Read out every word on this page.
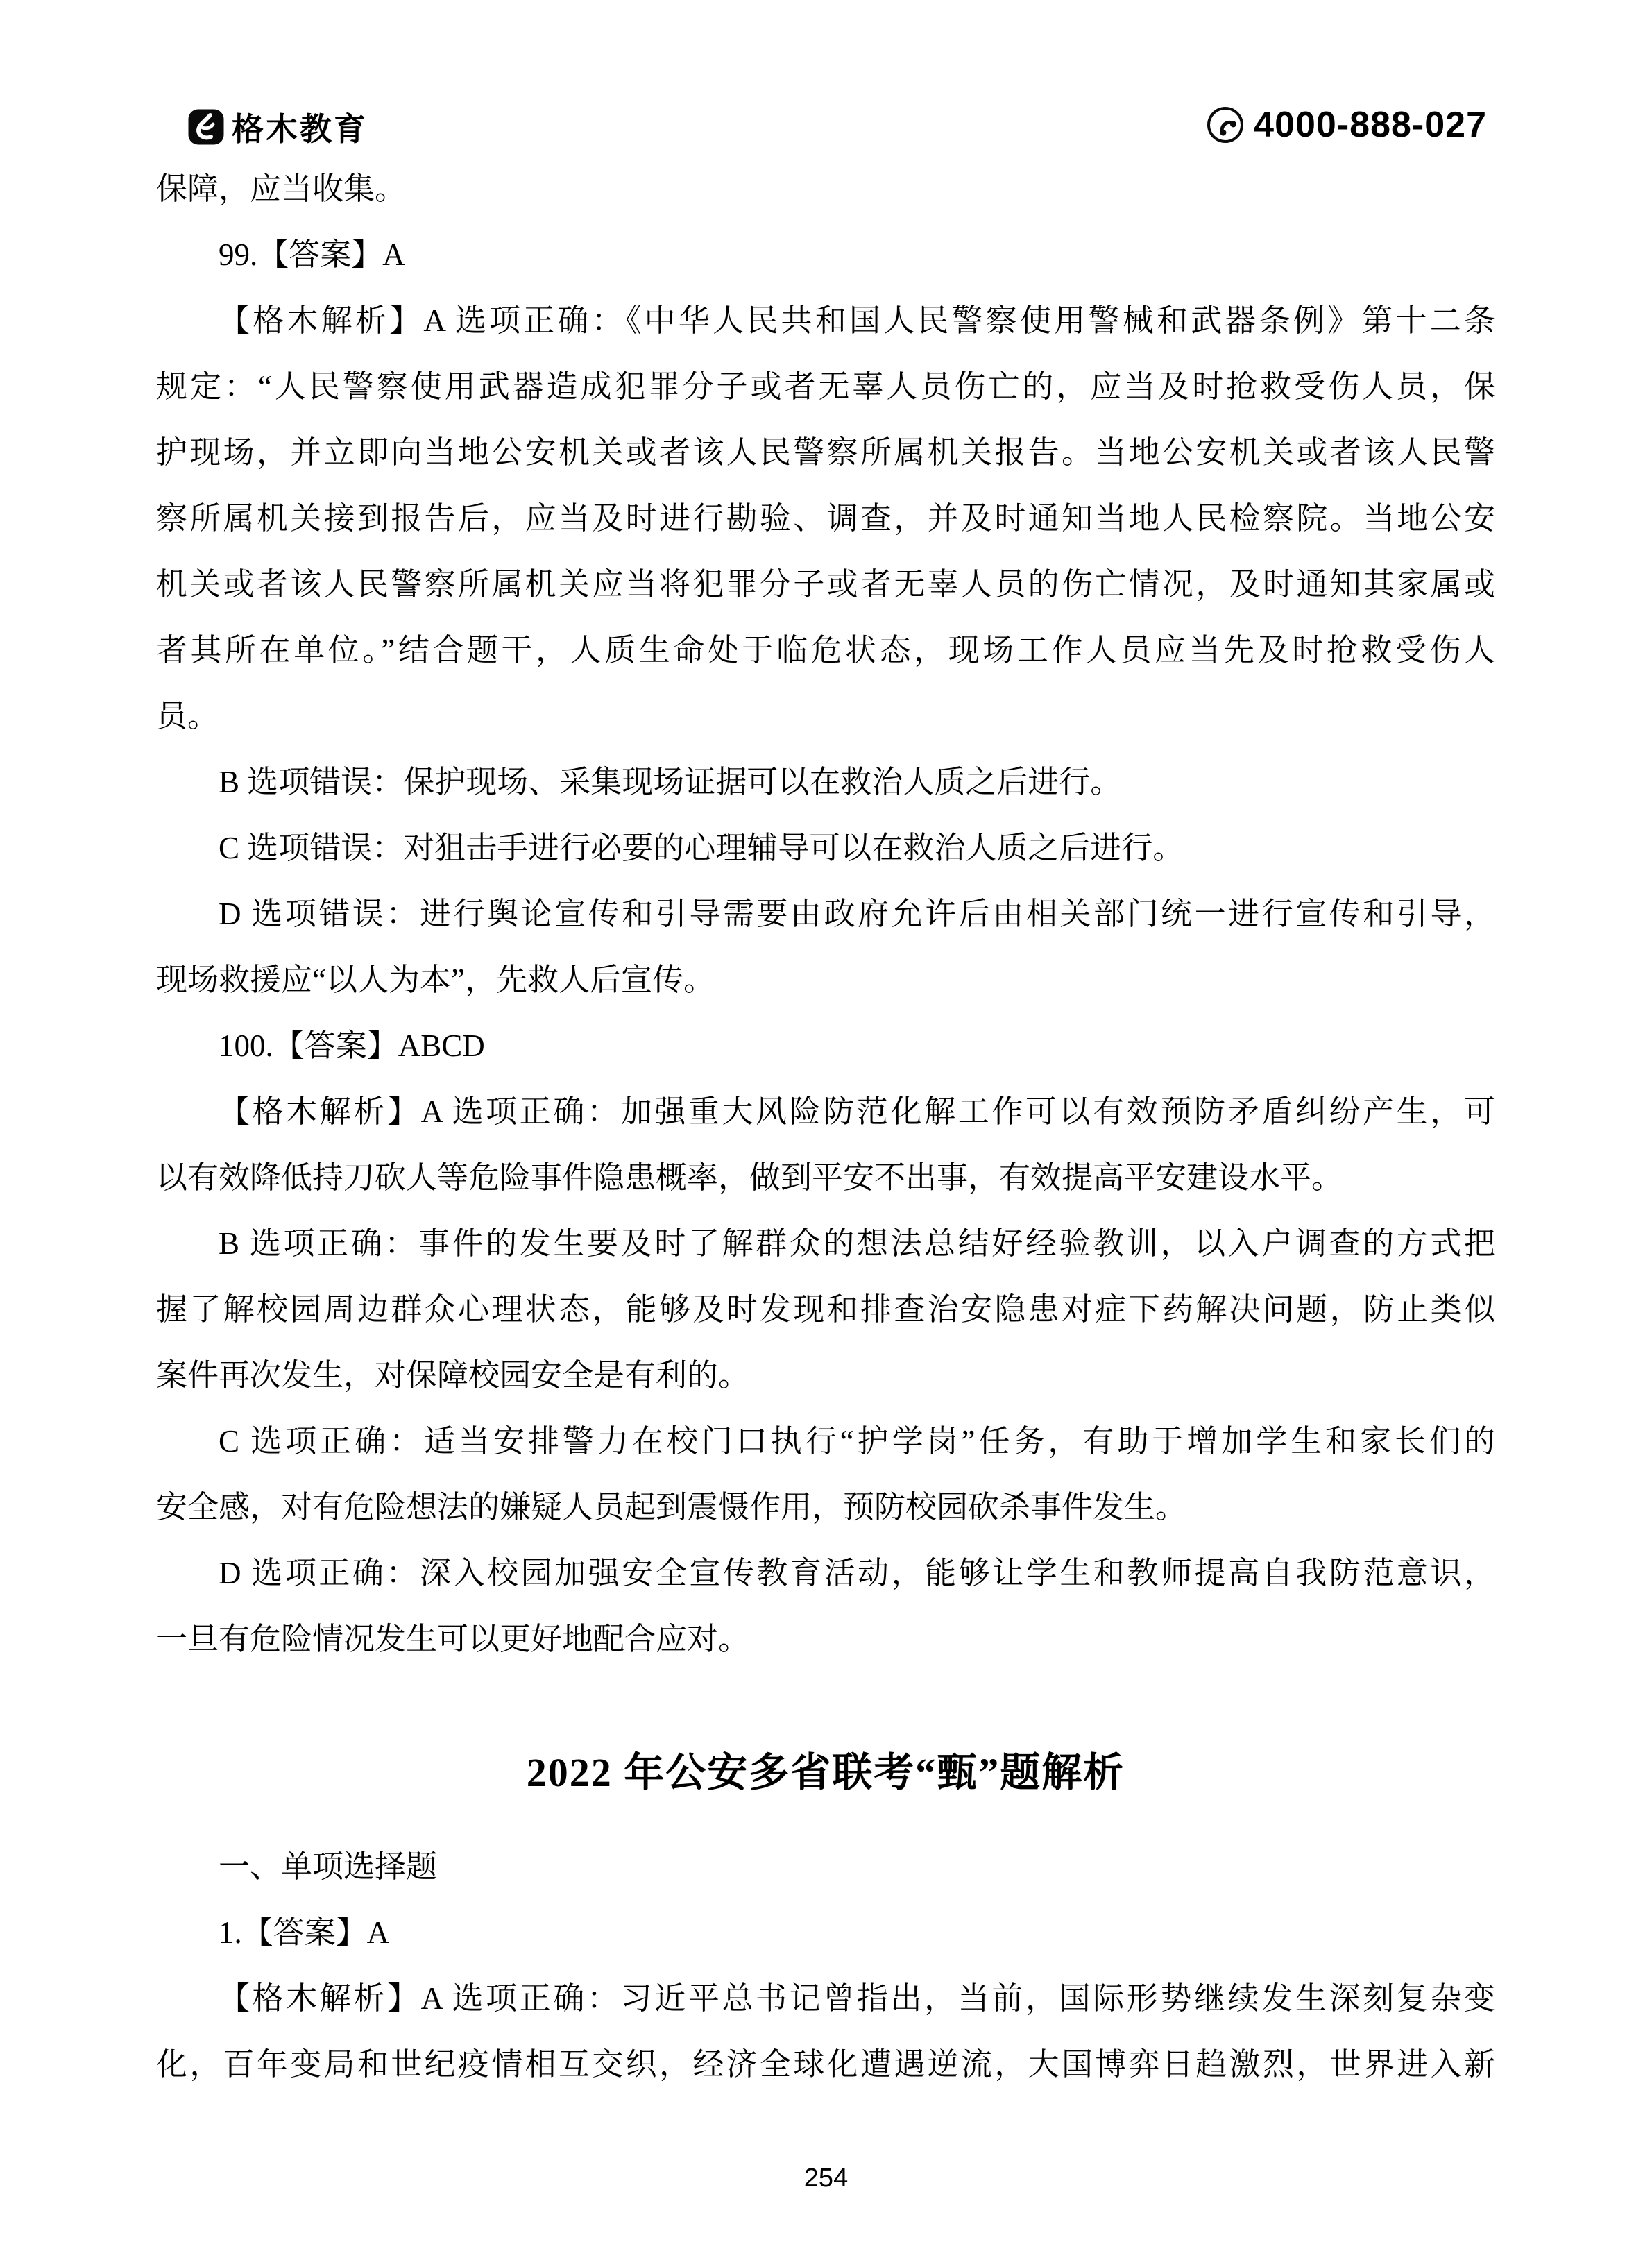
格木教育	4000-888-027
保障，应当收集。
99.【答案】A
【格木解析】A 选项正确：《中华人民共和国人民警察使用警械和武器条例》第十二条
规定：“人民警察使用武器造成犯罪分子或者无辜人员伤亡的，应当及时抢救受伤人员，保
护现场，并立即向当地公安机关或者该人民警察所属机关报告。当地公安机关或者该人民警
察所属机关接到报告后，应当及时进行勘验、调查，并及时通知当地人民检察院。当地公安
机关或者该人民警察所属机关应当将犯罪分子或者无辜人员的伤亡情况，及时通知其家属或
者其所在单位。”结合题干，人质生命处于临危状态，现场工作人员应当先及时抢救受伤人
员。
B 选项错误：保护现场、采集现场证据可以在救治人质之后进行。
C 选项错误：对狙击手进行必要的心理辅导可以在救治人质之后进行。
D 选项错误：进行舆论宣传和引导需要由政府允许后由相关部门统一进行宣传和引导，
现场救援应“以人为本”，先救人后宣传。
100.【答案】ABCD
【格木解析】A 选项正确：加强重大风险防范化解工作可以有效预防矛盾纠纷产生，可
以有效降低持刀砍人等危险事件隐患概率，做到平安不出事，有效提高平安建设水平。
B 选项正确：事件的发生要及时了解群众的想法总结好经验教训，以入户调查的方式把
握了解校园周边群众心理状态，能够及时发现和排查治安隐患对症下药解决问题，防止类似
案件再次发生，对保障校园安全是有利的。
C 选项正确：适当安排警力在校门口执行“护学岗”任务，有助于增加学生和家长们的
安全感，对有危险想法的嫌疑人员起到震慑作用，预防校园砍杀事件发生。
D 选项正确：深入校园加强安全宣传教育活动，能够让学生和教师提高自我防范意识，
一旦有危险情况发生可以更好地配合应对。
2022 年公安多省联考“甄”题解析
一、单项选择题
1.【答案】A
【格木解析】A 选项正确：习近平总书记曾指出，当前，国际形势继续发生深刻复杂变
化，百年变局和世纪疫情相互交织，经济全球化遭遇逆流，大国博弈日趋激烈，世界进入新
254
